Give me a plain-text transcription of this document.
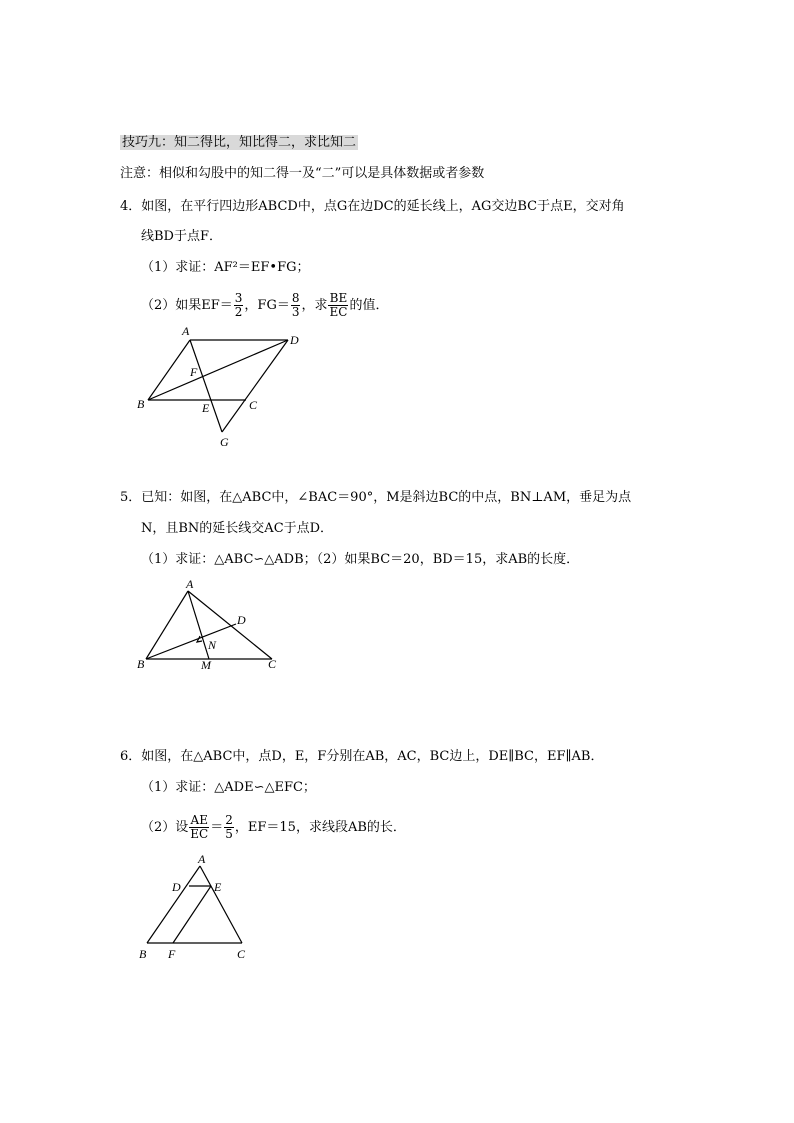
技巧九：知二得比，知比得二，求比知二
注意：相似和勾股中的知二得一及“二”可以是具体数据或者参数
4．如图，在平行四边形ABCD中，点G在边DC的延长线上，AG交边BC于点E，交对角
线BD于点F．
（1）求证：AF²＝EF•FG；
（2）如果$EF= \frac{3}{2}$ ，$FG= \frac{8}{3}$ ，求 $\frac{BE}{EC}$ 的值．
A
D
F
B	E	C
G
5．已知：如图，在△ABC中，∠BAC＝90°，M是斜边BC的中点，BN⊥AM，垂足为点
N，且BN的延长线交AC于点D．
（1）求证：△ABC∽△ADB；（2）如果BC＝20，BD＝15，求AB的长度．
A
D
N
B	M	C
6．如图，在△ABC中，点D，E，F分别在AB，AC，BC边上，DE∥BC，EF∥AB．
（1）求证：△ADE∽△EFC；
（2）设 $\frac{AE}{EC} = \frac{2}{5}$ ，EF＝15，求线段AB的长．
A
D	E
B F	C
